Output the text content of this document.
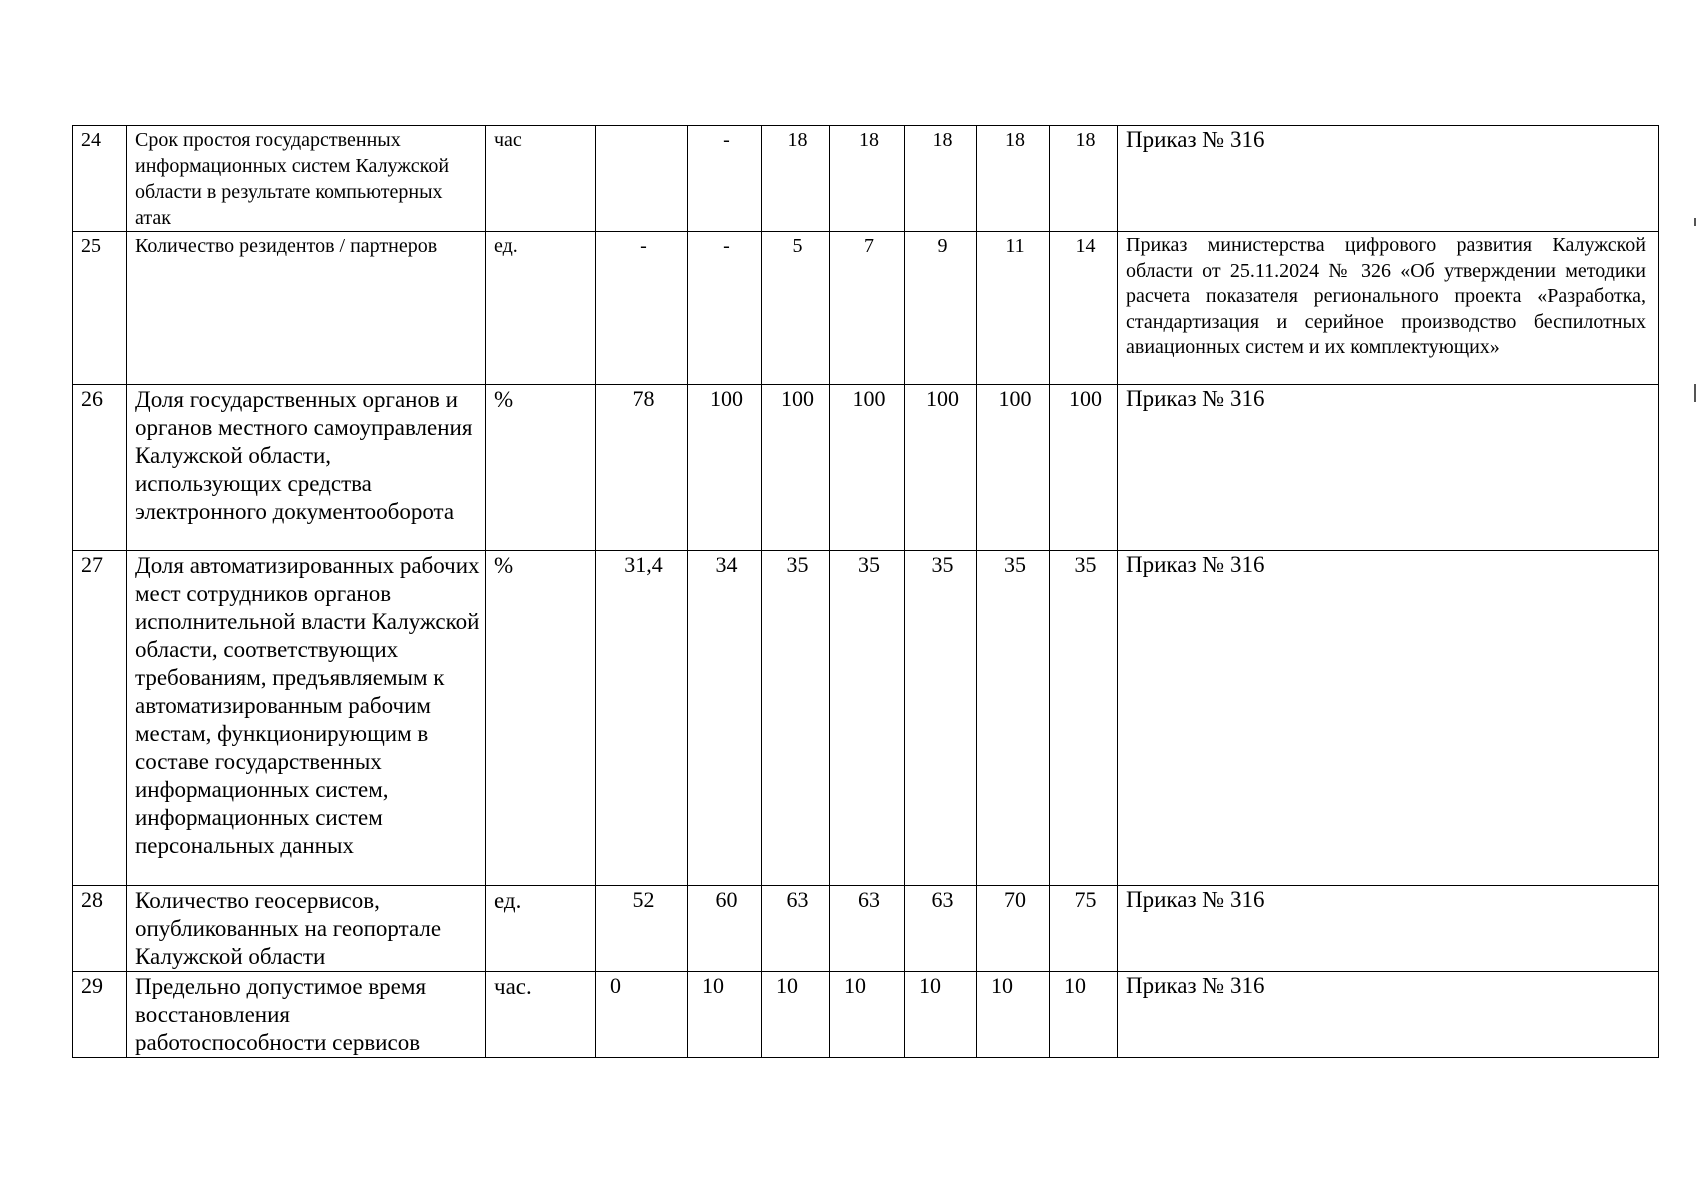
24	Срок простоя государственных информационных систем Калужской области в результате компьютерных атак	час		-	18	18	18	18	18	Приказ № 316
25	Количество резидентов / партнеров	ед.	-	-	5	7	9	11	14	Приказ министерства цифрового развития Калужской области от 25.11.2024 № 326 «Об утверждении методики расчета показателя регионального проекта «Разработка, стандартизация и серийное производство беспилотных авиационных систем и их комплектующих»
26	Доля государственных органов и органов местного самоуправления Калужской области, использующих средства электронного документооборота	%	78	100	100	100	100	100	100	Приказ № 316
27	Доля автоматизированных рабочих мест сотрудников органов исполнительной власти Калужской области, соответствующих требованиям, предъявляемым к автоматизированным рабочим местам, функционирующим в составе государственных информационных систем, информационных систем персональных данных	%	31,4	34	35	35	35	35	35	Приказ № 316
28	Количество геосервисов, опубликованных на геопортале Калужской области	ед.	52	60	63	63	63	70	75	Приказ № 316
29	Предельно допустимое время восстановления работоспособности сервисов	час.	0	10	10	10	10	10	10	Приказ № 316
